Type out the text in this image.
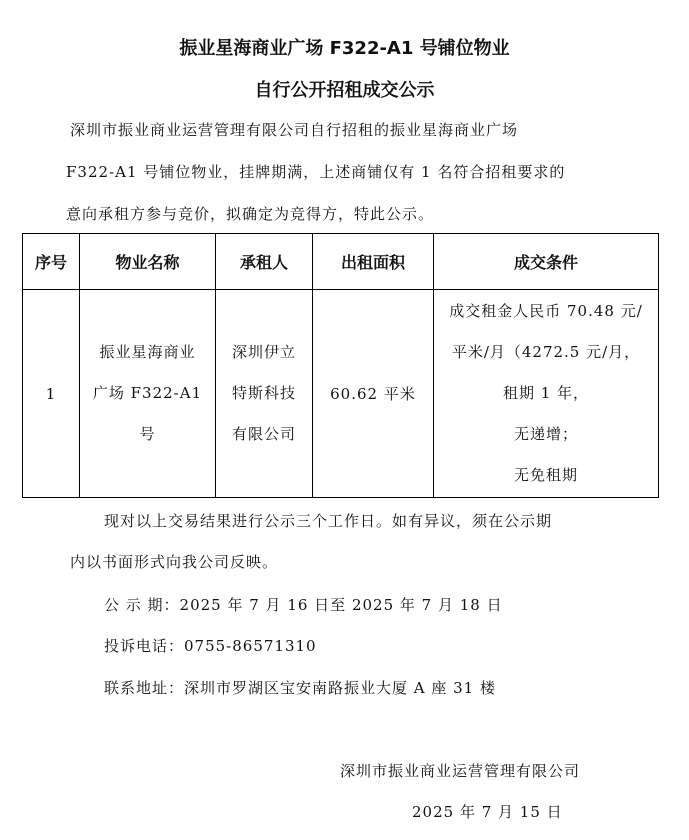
振业星海商业广场 F322-A1 号铺位物业
自行公开招租成交公示
深圳市振业商业运营管理有限公司自行招租的振业星海商业广场
F322-A1 号铺位物业，挂牌期满，上述商铺仅有 1 名符合招租要求的
意向承租方参与竞价，拟确定为竞得方，特此公示。
序号	物业名称	承租人	出租面积	成交条件
1	振业星海商业
广场 F322-A1
号	深圳伊立
特斯科技
有限公司	60.62 平米	成交租金人民币 70.48 元/
平米/月（4272.5 元/月，
租期 1 年，
无递增；
无免租期
现对以上交易结果进行公示三个工作日。如有异议，须在公示期
内以书面形式向我公司反映。
公 示 期：2025 年 7 月 16 日至 2025 年 7 月 18 日
投诉电话：0755-86571310
联系地址：深圳市罗湖区宝安南路振业大厦 A 座 31 楼
深圳市振业商业运营管理有限公司
2025 年 7 月 15 日
